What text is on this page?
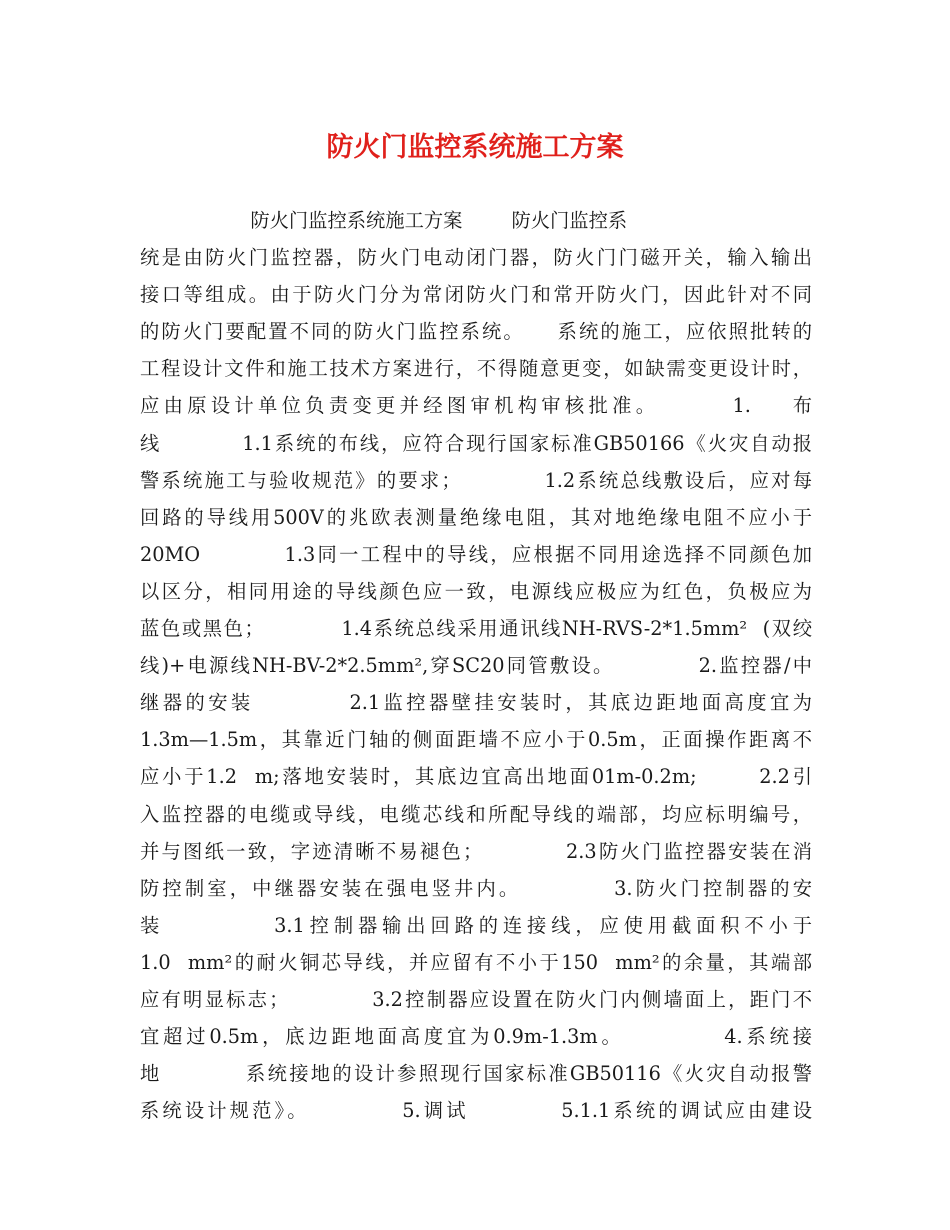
防火门监控系统施工方案
防火门监控系统施工方案        防火门监控系
统是由防火门监控器，防火门电动闭门器，防火门门磁开关，输入输出
接口等组成。由于防火门分为常闭防火门和常开防火门，因此针对不同
的防火门要配置不同的防火门监控系统。    系统的施工，应依照批转的
工程设计文件和施工技术方案进行，不得随意更变，如缺需变更设计时，
应由原设计单位负责变更并经图审机构审核批准。       1.    布
线          1.1系统的布线，应符合现行国家标准GB50166《火灾自动报
警系统施工与验收规范》的要求；          1.2系统总线敷设后，应对每
回路的导线用500V的兆欧表测量绝缘电阻，其对地绝缘电阻不应小于
20MO          1.3同一工程中的导线，应根据不同用途选择不同颜色加
以区分，相同用途的导线颜色应一致，电源线应极应为红色，负极应为
蓝色或黑色；          1.4系统总线采用通讯线NH-RVS-2*1.5mm²  (双绞
线)+电源线NH-BV-2*2.5mm²,穿SC20同管敷设。          2.监控器/中
继器的安装          2.1监控器壁挂安装时，其底边距地面高度宜为
1.3m—1.5m，其靠近门轴的侧面距墙不应小于0.5m，正面操作距离不
应小于1.2  m;落地安装时，其底边宜高出地面01m-0.2m;       2.2引
入监控器的电缆或导线，电缆芯线和所配导线的端部，均应标明编号，
并与图纸一致，字迹清晰不易褪色；          2.3防火门监控器安装在消
防控制室，中继器安装在强电竖井内。          3.防火门控制器的安
装          3.1控制器输出回路的连接线，应使用截面积不小于
1.0  mm²的耐火铜芯导线，并应留有不小于150  mm²的余量，其端部
应有明显标志；          3.2控制器应设置在防火门内侧墙面上，距门不
宜超过0.5m，底边距地面高度宜为0.9m-1.3m。          4.系统接
地          系统接地的设计参照现行国家标准GB50116《火灾自动报警
系统设计规范》。          5.调试          5.1.1系统的调试应由建设
